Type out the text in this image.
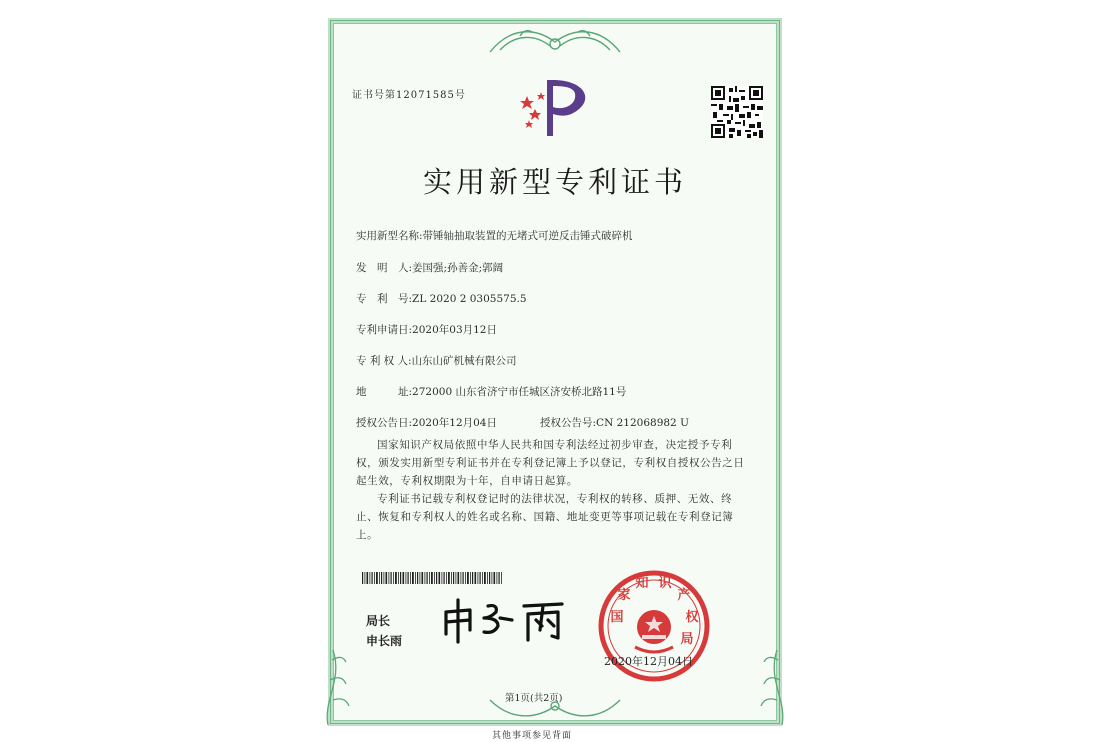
证书号第12071585号
实用新型专利证书
实用新型名称:带锤轴抽取装置的无堵式可逆反击锤式破碎机
发　明　人:姜国强;孙善金;郭阔
专　利　号:ZL 2020 2 0305575.5
专利申请日:2020年03月12日
专 利 权 人:山东山矿机械有限公司
地　　　址:272000 山东省济宁市任城区济安桥北路11号
授权公告日:2020年12月04日	授权公告号:CN 212068982 U
国家知识产权局依照中华人民共和国专利法经过初步审查，决定授予专利权，颁发实用新型专利证书并在专利登记簿上予以登记，专利权自授权公告之日起生效，专利权期限为十年，自申请日起算。
专利证书记载专利权登记时的法律状况，专利权的转移、质押、无效、终止、恢复和专利权人的姓名或名称、国籍、地址变更等事项记载在专利登记簿上。
局长
申长雨
国
家
知 识
产
权
局
2020年12月04日
第1页(共2页)
其他事项参见背面
